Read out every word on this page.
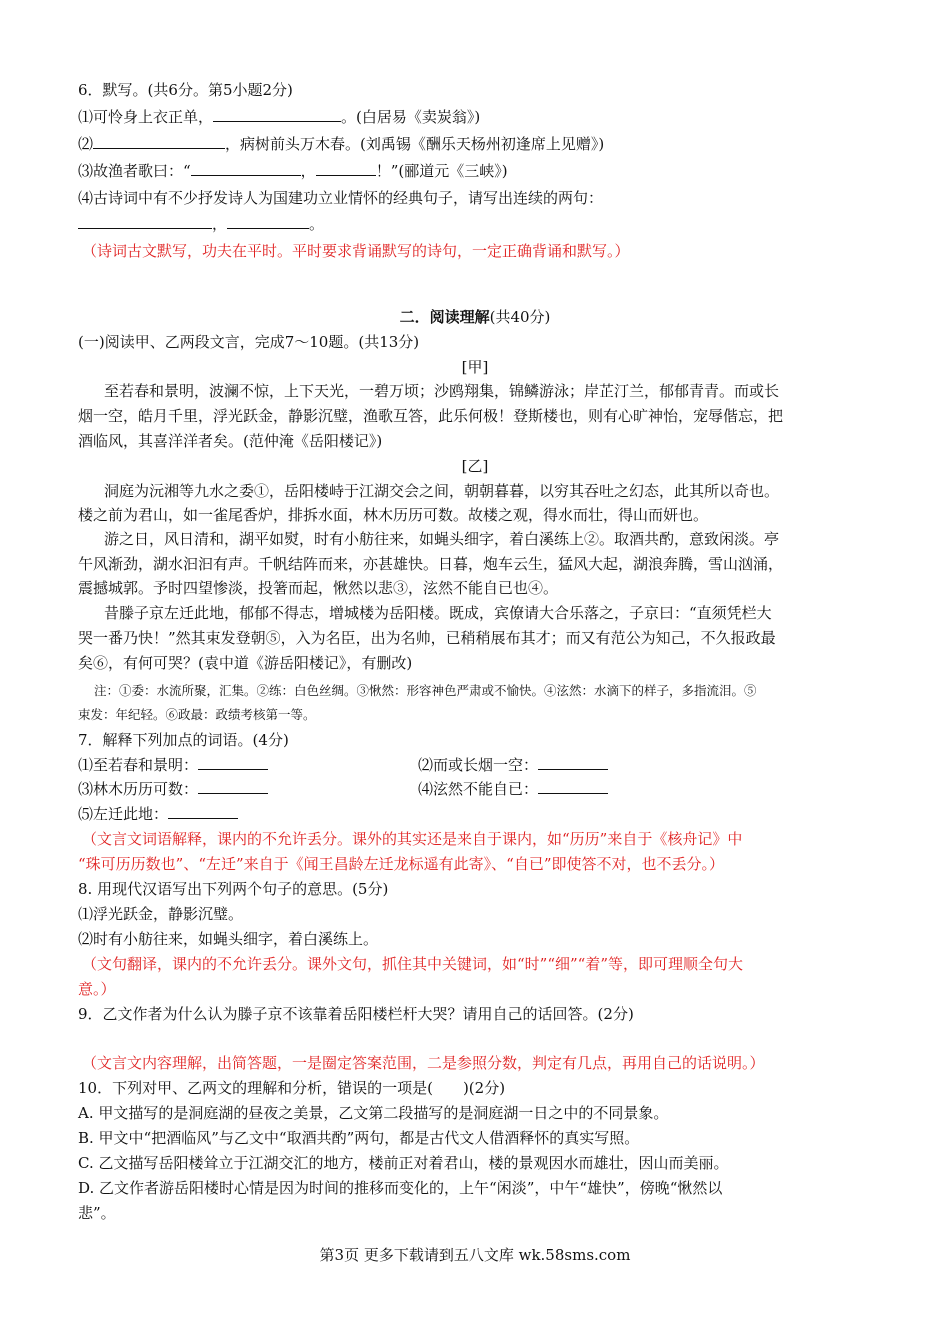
6．默写。(共6分。第5小题2分)
⑴可怜身上衣正单，	。(白居易《卖炭翁》)
⑵	，病树前头万木春。(刘禹锡《酬乐天杨州初逢席上见赠》)
⑶故渔者歌曰：“	，	！”(郦道元《三峡》)
⑷古诗词中有不少抒发诗人为国建功立业情怀的经典句子，请写出连续的两句：
，	。
（诗词古文默写，功夫在平时。平时要求背诵默写的诗句，一定正确背诵和默写。）
二．阅读理解(共40分)
(一)阅读甲、乙两段文言，完成7～10题。(共13分)
[甲]
至若春和景明，波澜不惊，上下天光，一碧万顷；沙鸥翔集，锦鳞游泳；岸芷汀兰，郁郁青青。而或长
烟一空，皓月千里，浮光跃金，静影沉璧，渔歌互答，此乐何极！登斯楼也，则有心旷神怡，宠辱偕忘，把
酒临风，其喜洋洋者矣。(范仲淹《岳阳楼记》)
[乙]
洞庭为沅湘等九水之委①，岳阳楼峙于江湖交会之间，朝朝暮暮，以穷其吞吐之幻态，此其所以奇也。
楼之前为君山，如一雀尾香炉，排拆水面，林木历历可数。故楼之观，得水而壮，得山而妍也。
游之日，风日清和，湖平如熨，时有小舫往来，如蝇头细字，着白溪练上②。取酒共酌，意致闲淡。亭
午风渐劲，湖水汩汩有声。千帆结阵而来，亦甚雄快。日暮，炮车云生，猛风大起，湖浪奔腾，雪山汹涌，
震撼城郭。予时四望惨淡，投箸而起，愀然以悲③，泫然不能自已也④。
昔滕子京左迁此地，郁郁不得志，增城楼为岳阳楼。既成，宾僚请大合乐落之，子京曰：“直须凭栏大
哭一番乃快！”然其束发登朝⑤，入为名臣，出为名帅，已稍稍展布其才；而又有范公为知己，不久报政最
矣⑥，有何可哭？(袁中道《游岳阳楼记》，有删改)
注：①委：水流所聚，汇集。②练：白色丝绸。③愀然：形容神色严肃或不愉快。④泫然：水滴下的样子，多指流泪。⑤
束发：年纪轻。⑥政最：政绩考核第一等。
7．解释下列加点的词语。(4分)
⑴至若春和景明：	⑵而或长烟一空：
⑶林木历历可数：	⑷泫然不能自已：
⑸左迁此地：
（文言文词语解释，课内的不允许丢分。课外的其实还是来自于课内，如“历历”来自于《核舟记》中
“珠可历历数也”、“左迁”来自于《闻王昌龄左迁龙标遥有此寄》、“自已”即使答不对，也不丢分。）
8. 用现代汉语写出下列两个句子的意思。(5分)
⑴浮光跃金，静影沉璧。
⑵时有小舫往来，如蝇头细字，着白溪练上。
（文句翻译，课内的不允许丢分。课外文句，抓住其中关键词，如“时”“细”“着”等，即可理顺全句大
意。）
9．乙文作者为什么认为滕子京不该靠着岳阳楼栏杆大哭？请用自己的话回答。(2分)
（文言文内容理解，出简答题，一是圈定答案范围，二是参照分数，判定有几点，再用自己的话说明。）
10．下列对甲、乙两文的理解和分析，错误的一项是(　　)(2分)
A. 甲文描写的是洞庭湖的昼夜之美景，乙文第二段描写的是洞庭湖一日之中的不同景象。
B. 甲文中“把酒临风”与乙文中“取酒共酌”两句，都是古代文人借酒释怀的真实写照。
C. 乙文描写岳阳楼耸立于江湖交汇的地方，楼前正对着君山，楼的景观因水而雄壮，因山而美丽。
D. 乙文作者游岳阳楼时心情是因为时间的推移而变化的，上午“闲淡”，中午“雄快”，傍晚“愀然以
悲”。
第3页 更多下载请到五八文库 wk.58sms.com
